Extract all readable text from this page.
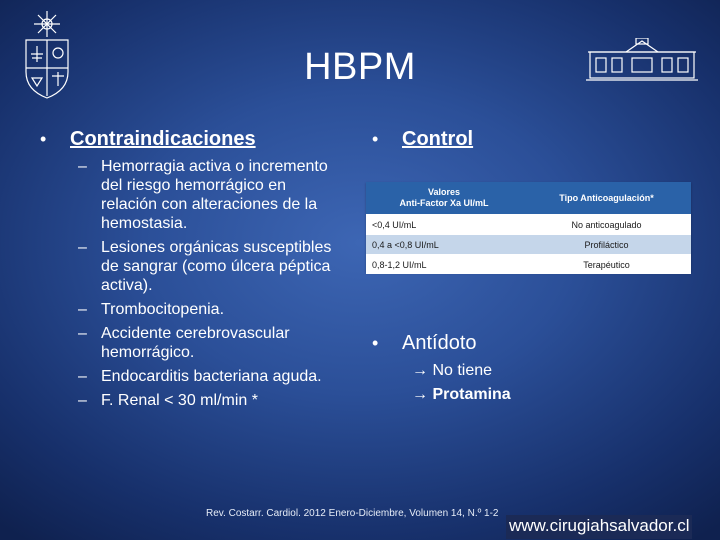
HBPM
•	Contraindicaciones
– Hemorragia activa o incremento del riesgo hemorrágico en relación con alteraciones de la hemostasia.
– Lesiones orgánicas susceptibles de sangrar (como úlcera péptica activa).
– Trombocitopenia.
– Accidente cerebrovascular hemorrágico.
– Endocarditis bacteriana aguda.
– F. Renal < 30 ml/min *
•	Control
Valores
Anti-Factor Xa UI/mL	Tipo Anticoagulación*
<0,4 UI/mL	No anticoagulado
0,4 a <0,8 UI/mL	Profiláctico
0,8-1,2 UI/mL	Terapéutico
•	Antídoto
→ No tiene
→ Protamina
Rev. Costarr. Cardiol. 2012 Enero-Diciembre, Volumen 14, N.º 1-2
www.cirugiahsalvador.cl
